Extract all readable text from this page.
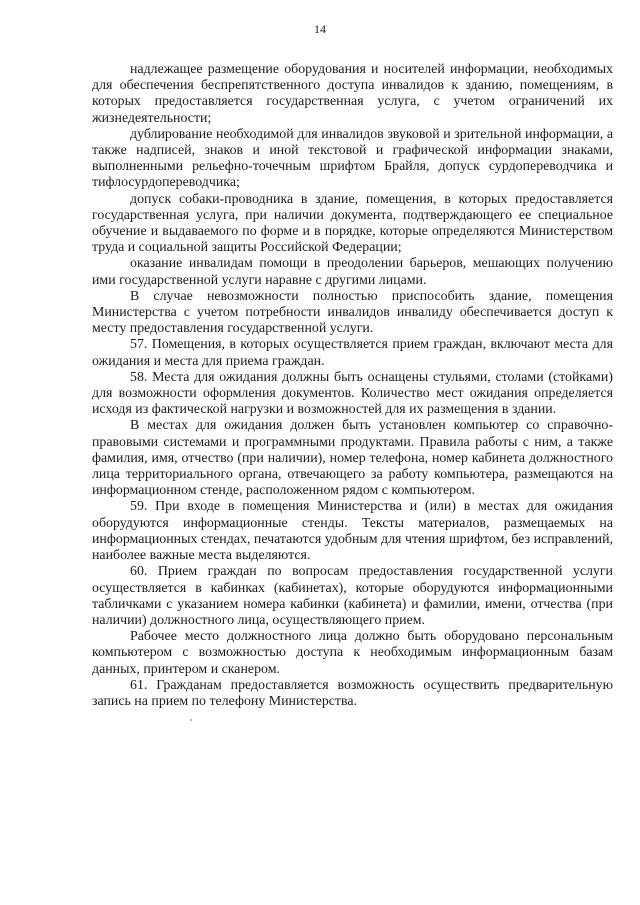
14

надлежащее размещение оборудования и носителей информации, необходимых для обеспечения беспрепятственного доступа инвалидов к зданию, помещениям, в которых предоставляется государственная услуга, с учетом ограничений их жизнедеятельности;

дублирование необходимой для инвалидов звуковой и зрительной информации, а также надписей, знаков и иной текстовой и графической информации знаками, выполненными рельефно-точечным шрифтом Брайля, допуск сурдопереводчика и тифлосурдопереводчика;

допуск собаки-проводника в здание, помещения, в которых предоставляется государственная услуга, при наличии документа, подтверждающего ее специальное обучение и выдаваемого по форме и в порядке, которые определяются Министерством труда и социальной защиты Российской Федерации;

оказание инвалидам помощи в преодолении барьеров, мешающих получению ими государственной услуги наравне с другими лицами.

В случае невозможности полностью приспособить здание, помещения Министерства с учетом потребности инвалидов инвалиду обеспечивается доступ к месту предоставления государственной услуги.

57. Помещения, в которых осуществляется прием граждан, включают места для ожидания и места для приема граждан.

58. Места для ожидания должны быть оснащены стульями, столами (стойками) для возможности оформления документов. Количество мест ожидания определяется исходя из фактической нагрузки и возможностей для их размещения в здании.

В местах для ожидания должен быть установлен компьютер со справочно-правовыми системами и программными продуктами. Правила работы с ним, а также фамилия, имя, отчество (при наличии), номер телефона, номер кабинета должностного лица территориального органа, отвечающего за работу компьютера, размещаются на информационном стенде, расположенном рядом с компьютером.

59. При входе в помещения Министерства и (или) в местах для ожидания оборудуются информационные стенды. Тексты материалов, размещаемых на информационных стендах, печатаются удобным для чтения шрифтом, без исправлений, наиболее важные места выделяются.

60. Прием граждан по вопросам предоставления государственной услуги осуществляется в кабинках (кабинетах), которые оборудуются информационными табличками с указанием номера кабинки (кабинета) и фамилии, имени, отчества (при наличии) должностного лица, осуществляющего прием.

Рабочее место должностного лица должно быть оборудовано персональным компьютером с возможностью доступа к необходимым информационным базам данных, принтером и сканером.

61. Гражданам предоставляется возможность осуществить предварительную запись на прием по телефону Министерства.
